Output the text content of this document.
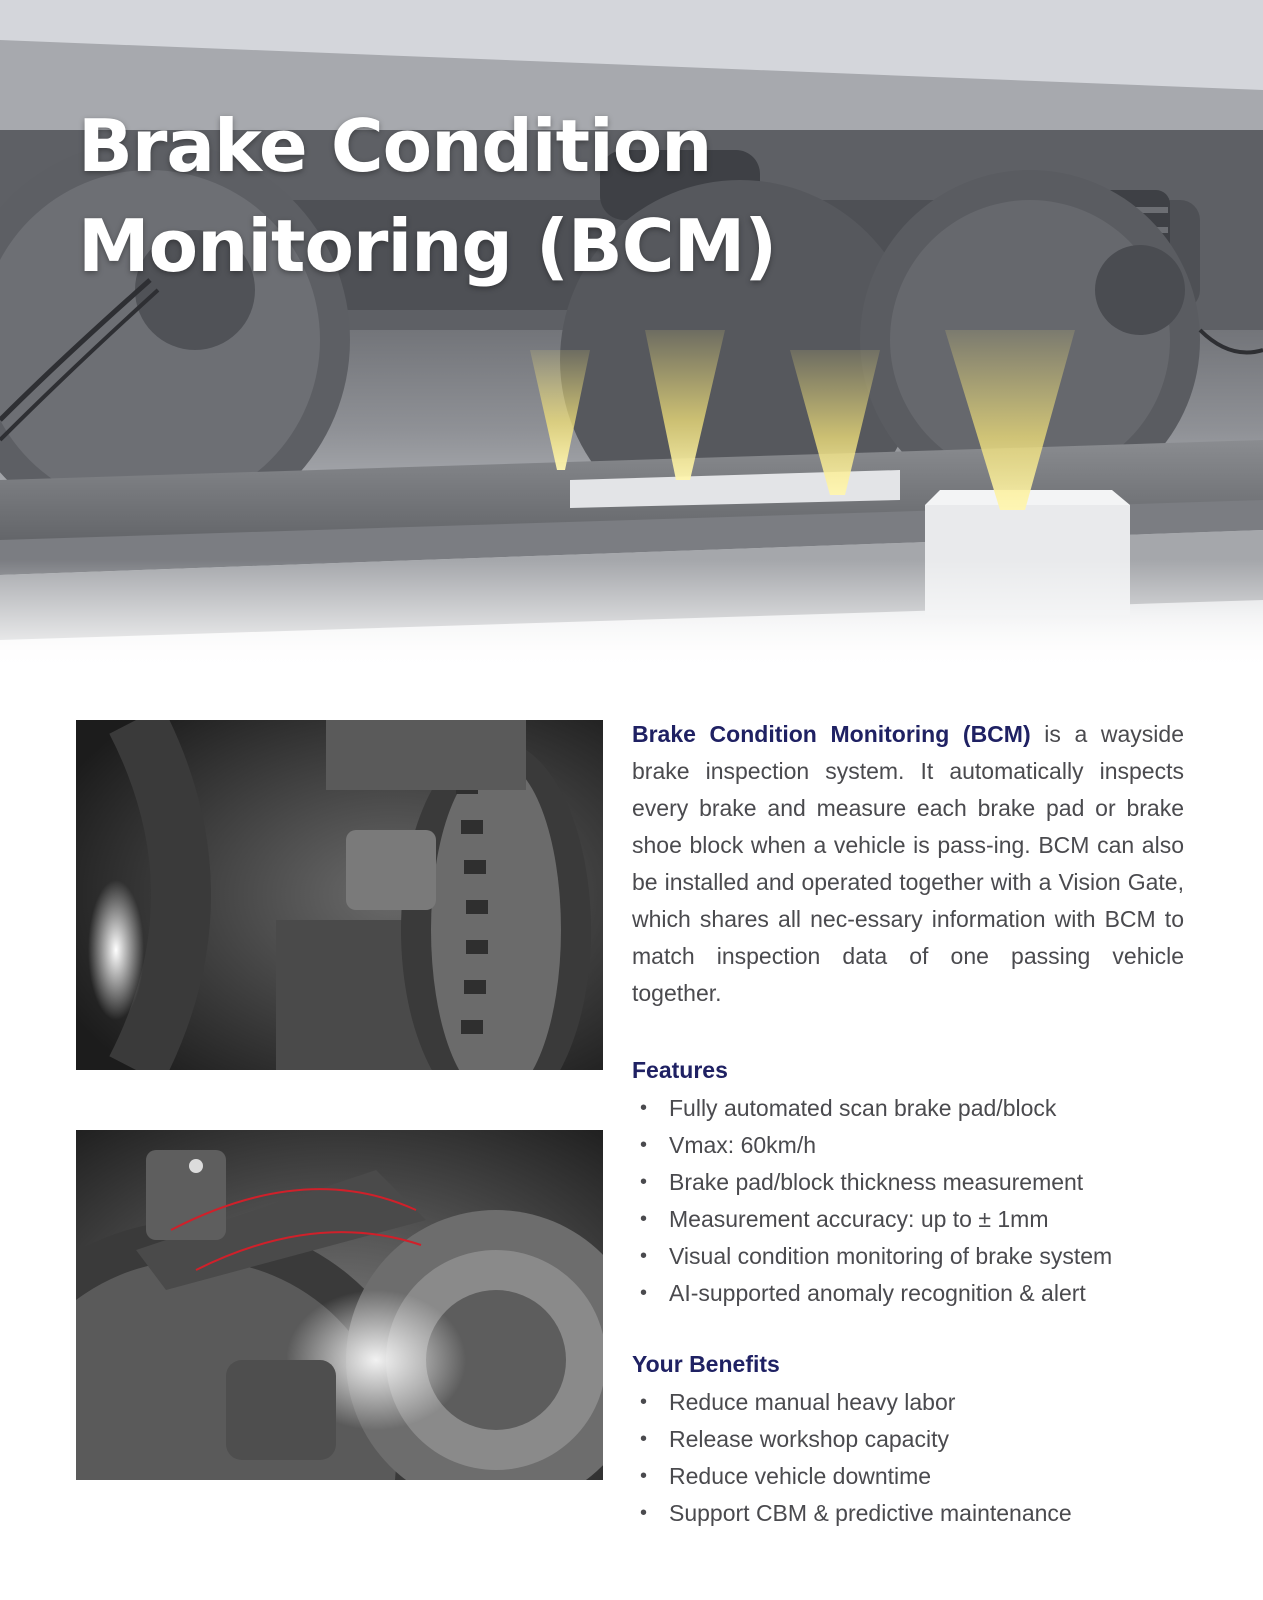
Brake Condition
Monitoring (BCM)

Brake Condition Monitoring (BCM) is a wayside brake inspection system. It automatically inspects every brake and measure each brake pad or brake shoe block when a vehicle is pass-ing. BCM can also be installed and operated together with a Vision Gate, which shares all nec-essary information with BCM to match inspection data of one passing vehicle together.

Features
• Fully automated scan brake pad/block
• Vmax: 60km/h
• Brake pad/block thickness measurement
• Measurement accuracy: up to ± 1mm
• Visual condition monitoring of brake system
• AI-supported anomaly recognition & alert
Your Benefits
• Reduce manual heavy labor
• Release workshop capacity
• Reduce vehicle downtime
• Support CBM & predictive maintenance
